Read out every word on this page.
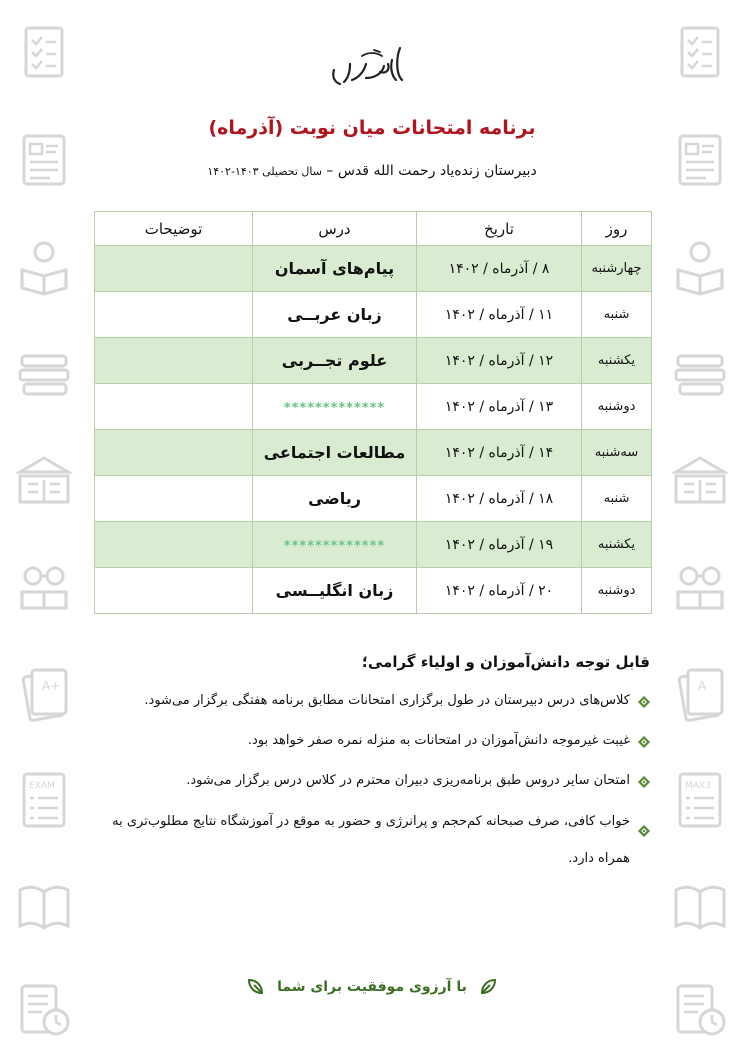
A+
EXAM
A
MAX3
برنامه امتحانات میان نوبت (آذرماه)
دبیرستان زنده‌یاد رحمت الله قدس – سال تحصیلی ۱۴۰۳-۱۴۰۲
روز	تاریخ	درس	توضیحات
چهارشنبه	۸ / آذرماه / ۱۴۰۲	پیام‌های آسمان	
شنبه	۱۱ / آذرماه / ۱۴۰۲	زبان عربــی	
یکشنبه	۱۲ / آذرماه / ۱۴۰۲	علوم تجــربی	
دوشنبه	۱۳ / آذرماه / ۱۴۰۲	*************	
سه‌شنبه	۱۴ / آذرماه / ۱۴۰۲	مطالعات اجتماعی	
شنبه	۱۸ / آذرماه / ۱۴۰۲	ریاضی	
یکشنبه	۱۹ / آذرماه / ۱۴۰۲	*************	
دوشنبه	۲۰ / آذرماه / ۱۴۰۲	زبان انگلیــسی	
قابل توجه دانش‌آموزان و اولیاء گرامی؛
کلاس‌های درس دبیرستان در طول برگزاری امتحانات مطابق برنامه هفتگی برگزار می‌شود.
غیبت غیرموجه دانش‌آموزان در امتحانات به منزله نمره صفر خواهد بود.
امتحان سایر دروس طبق برنامه‌ریزی دبیران محترم در کلاس درس برگزار می‌شود.
خواب کافی، صرف صبحانه کم‌حجم و پرانرژی و حضور به موقع در آموزشگاه نتایج مطلوب‌تری به همراه دارد.
با آرزوی موفقیت برای شما
